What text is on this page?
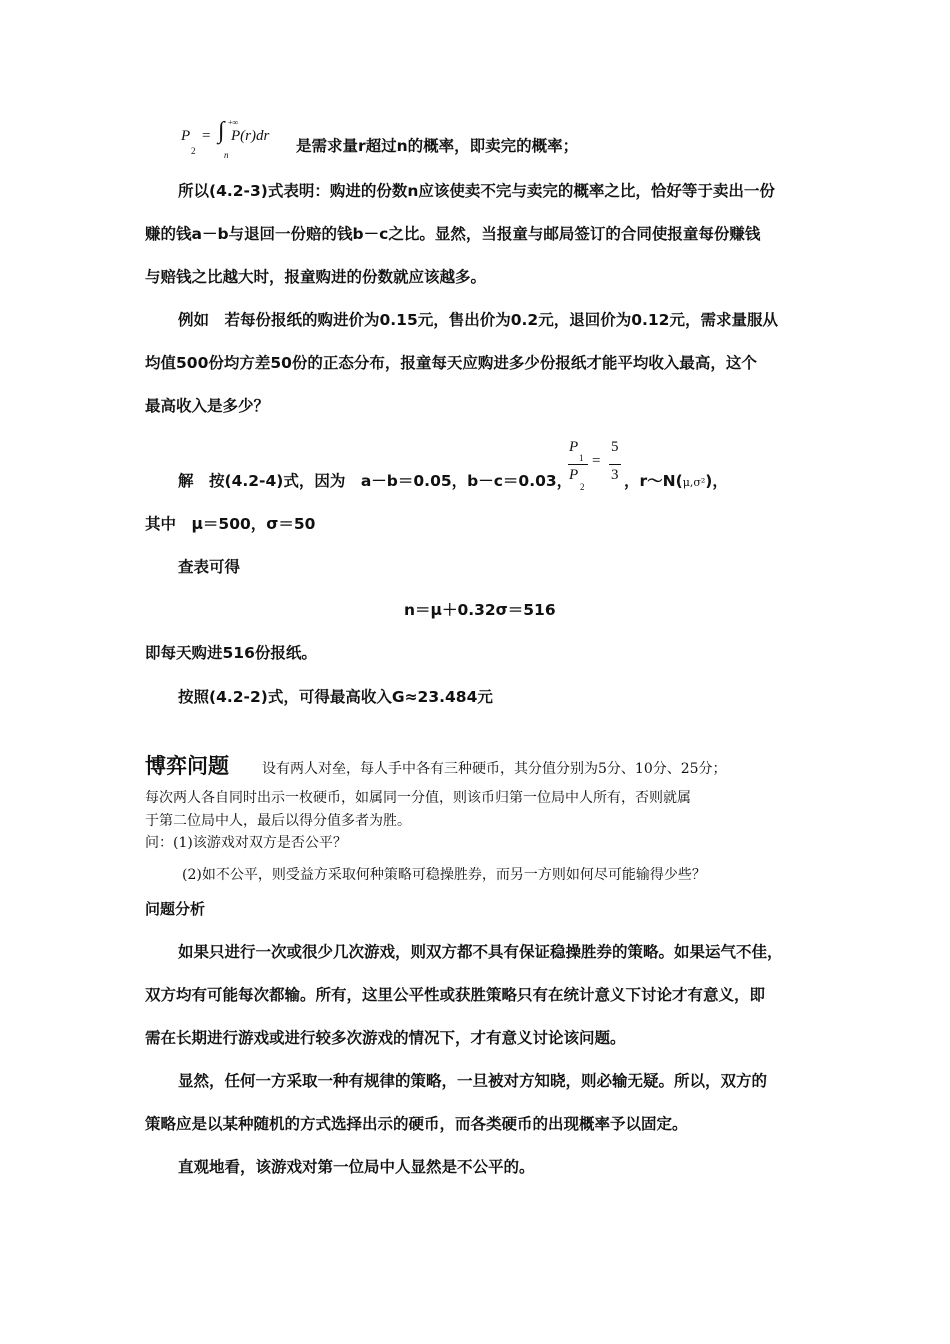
P
2
= ∫ +∞
n
P(r)dr
是需求量r超过n的概率，即卖完的概率；
所以(4.2-3)式表明：购进的份数n应该使卖不完与卖完的概率之比，恰好等于卖出一份
赚的钱a－b与退回一份赔的钱b－c之比。显然，当报童与邮局签订的合同使报童每份赚钱
与赔钱之比越大时，报童购进的份数就应该越多。
例如　若每份报纸的购进价为0.15元，售出价为0.2元，退回价为0.12元，需求量服从
均值500份均方差50份的正态分布，报童每天应购进多少份报纸才能平均收入最高，这个
最高收入是多少？
解　按(4.2-4)式，因为　a－b＝0.05，b－c＝0.03，
P
1
P
2
=
5
3 ，r～N(μ,σ²)，
其中　μ＝500，σ＝50
查表可得
n＝μ＋0.32σ＝516
即每天购进516份报纸。
按照(4.2-2)式，可得最高收入G≈23.484元
博弈问题 设有两人对垒，每人手中各有三种硬币，其分值分别为5分、10分、25分；
每次两人各自同时出示一枚硬币，如属同一分值，则该币归第一位局中人所有，否则就属
于第二位局中人，最后以得分值多者为胜。
问：(1)该游戏对双方是否公平？
(2)如不公平，则受益方采取何种策略可稳操胜券，而另一方则如何尽可能输得少些？
问题分析
如果只进行一次或很少几次游戏，则双方都不具有保证稳操胜券的策略。如果运气不佳，
双方均有可能每次都输。所有，这里公平性或获胜策略只有在统计意义下讨论才有意义，即
需在长期进行游戏或进行较多次游戏的情况下，才有意义讨论该问题。
显然，任何一方采取一种有规律的策略，一旦被对方知晓，则必输无疑。所以，双方的
策略应是以某种随机的方式选择出示的硬币，而各类硬币的出现概率予以固定。
直观地看，该游戏对第一位局中人显然是不公平的。
